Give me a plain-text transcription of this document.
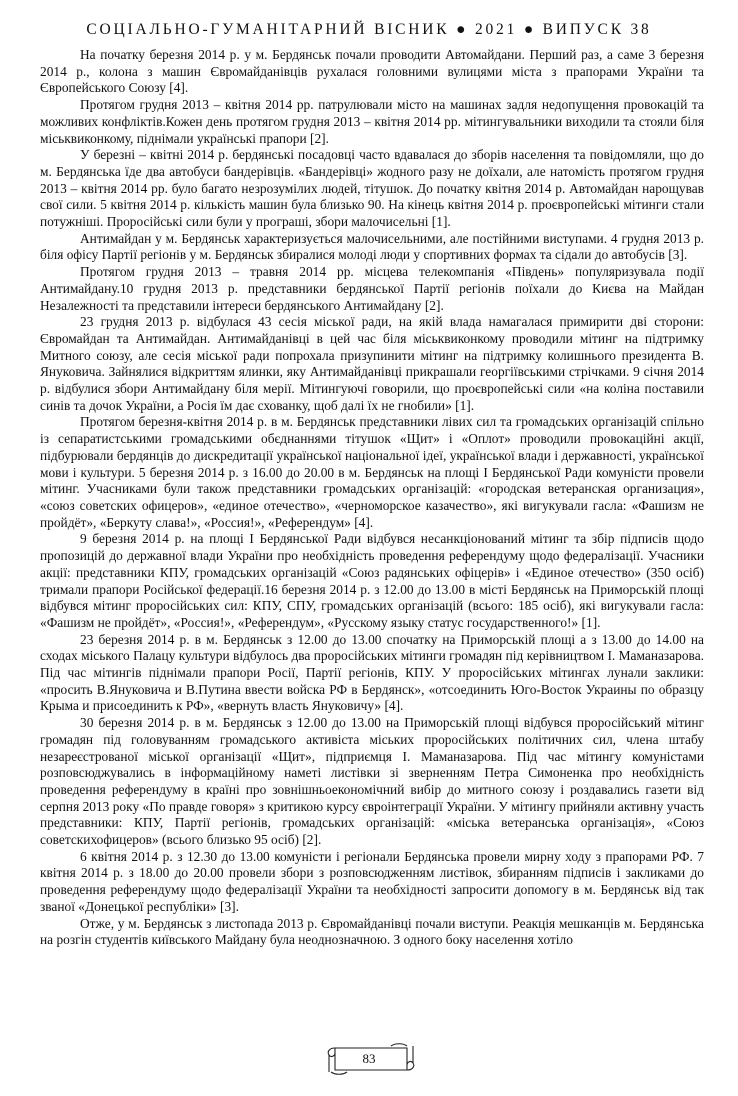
СОЦІАЛЬНО-ГУМАНІТАРНИЙ ВІСНИК ● 2021 ● ВИПУСК 38

На початку березня 2014 р. у м. Бердянськ почали проводити Автомайдани. Перший раз, а саме 3 березня 2014 р., колона з машин Євромайданівців рухалася головними вулицями міста з прапорами України та Європейського Союзу [4].

Протягом грудня 2013 – квітня 2014 рр. патрулювали місто на машинах задля недопущення провокацій та можливих конфліктів.Кожен день протягом грудня 2013 – квітня 2014 рр. мітингувальники виходили та стояли біля мiськвиконкому, піднімали українські прапори [2].

У березні – квітні 2014 р. бердянські посадовці часто вдавалася до зборів населення та повідомляли, що до м. Бердянська їде два автобуси бандерівців. «Бандерівці» жодного разу не доїхали, але натомість протягом грудня 2013 – квітня 2014 рр. було багато незрозумілих людей, тітушок. До початку квітня 2014 р. Автомайдан нарощував свої сили. 5 квітня 2014 р. кількість машин була близько 90. На кінець квітня 2014 р. проєвропейські мітинги стали потужніші. Проросійські сили були у програші, збори малочисельні [1].

Антимайдан у м. Бердянськ характеризується малочисельними, але постійними виступами. 4 грудня 2013 р. біля офісу Партії регіонів у м. Бердянськ збиралися молоді люди у спортивних формах та сідали до автобусів [3].

Протягом грудня 2013 – травня 2014 рр. місцева телекомпанія «Південь» популяризувала події Антимайдану.10 грудня 2013 р. представники бердянської Партії регіонів поїхали до Києва на Майдан Незалежності та представили інтереси бердянського Антимайдану [2].

23 грудня 2013 р. відбулася 43 сесія міської ради, на якій влада намагалася примирити дві сторони: Євромайдан та Антимайдан. Антимайданівці в цей час біля мiськвиконкому проводили мітинг на підтримку Митного союзу, але сесія міської ради попрохала призупинити мітинг на підтримку колишнього президента В. Януковича. Зайнялися відкриттям ялинки, яку Антимайданівці прикрашали георгіївськими стрічками. 9 січня 2014 р. відбулися збори Антимайдану біля мерії. Мітингуючі говорили, що проєвропейські сили «на коліна поставили синів та дочок України, а Росія їм дає схованку, щоб далі їх не гнобили» [1].

Протягом березня-квітня 2014 р. в м. Бердянськ представники лівих сил та громадських організацій спільно із сепаратистськими громадськими обєднаннями тітушок «Щит» і «Оплот» проводили провокаційні акції, підбурювали бердянців до дискредитації української національної ідеї, української влади і державності, української мови і культури. 5 березня 2014 р. з 16.00 до 20.00 в м. Бердянськ на площі І Бердянської Ради комуністи провели мітинг. Учасниками були також представники громадських організацій: «городская ветеранская организация», «союз советских офицеров», «единое отечество», «черноморское казачество», які вигукували гасла: «Фашизм не пройдёт», «Беркуту слава!», «Россия!», «Референдум» [4].

9 березня 2014 р. на площі І Бердянської Ради відбувся несанкціонований мітинг та збір підписів щодо пропозицій до державної влади України про необхідність проведення референдуму щодо федералізації. Учасники акції: представники КПУ, громадських організацій «Союз радянських офіцерів» і «Единое отечество» (350 осіб) тримали прапори Російської федерації.16 березня 2014 р. з 12.00 до 13.00 в місті Бердянськ на Приморській площі відбувся мітинг проросійських сил: КПУ, СПУ, громадських організацій (всього: 185 осіб), які вигукували гасла: «Фашизм не пройдёт», «Россия!», «Референдум», «Русскому языку статус государственного!» [1].

23 березня 2014 р. в м. Бердянськ з 12.00 до 13.00 спочатку на Приморській площі а з 13.00 до 14.00 на сходах міського Палацу культури відбулось два проросійських мітинги громадян під керівництвом І. Маманазарова. Під час мітингів піднімали прапори Росії, Партії регіонів, КПУ. У проросійських мітингах лунали заклики: «просить В.Януковича и В.Путина ввести войска РФ в Бердянск», «отсоединить Юго-Восток Украины по образцу Крыма и присоединить к РФ», «вернуть власть Януковичу» [4].

30 березня 2014 р. в м. Бердянськ з 12.00 до 13.00 на Приморській площі відбувся проросійський мітинг громадян під головуванням громадського активіста міських проросійських політичних сил, члена штабу незареєстрованої міської організації «Щит», підприємця І. Маманазарова. Під час мітингу комуністами розповсюджувались в інформаційному наметі листівки зі зверненням Петра Симоненка про необхідність проведення референдуму в країні про зовнішньоекономічний вибір до митного союзу і роздавались газети від серпня 2013 року «По правде говоря» з критикою курсу євроінтеграції України. У мітингу прийняли активну участь представники: КПУ, Партії регіонів, громадських організацій: «міська ветеранська організація», «Союз советскихофицеров» (всього близько 95 осіб) [2].

6 квітня 2014 р. з 12.30 до 13.00 комуністи і регіонали Бердянська провели мирну ходу з прапорами РФ. 7 квітня 2014 р. з 18.00 до 20.00 провели збори з розповсюдженням листівок, збиранням підписів і закликами до проведення референдуму щодо федералізації України та необхідності запросити допомогу в м. Бердянськ від так званої «Донецької республіки» [3].

Отже, у м. Бердянськ з листопада 2013 р. Євромайданівці почали виступи. Реакція мешканців м. Бердянська на розгін студентів київського Майдану була неоднозначною. З одного боку населення хотіло

83
